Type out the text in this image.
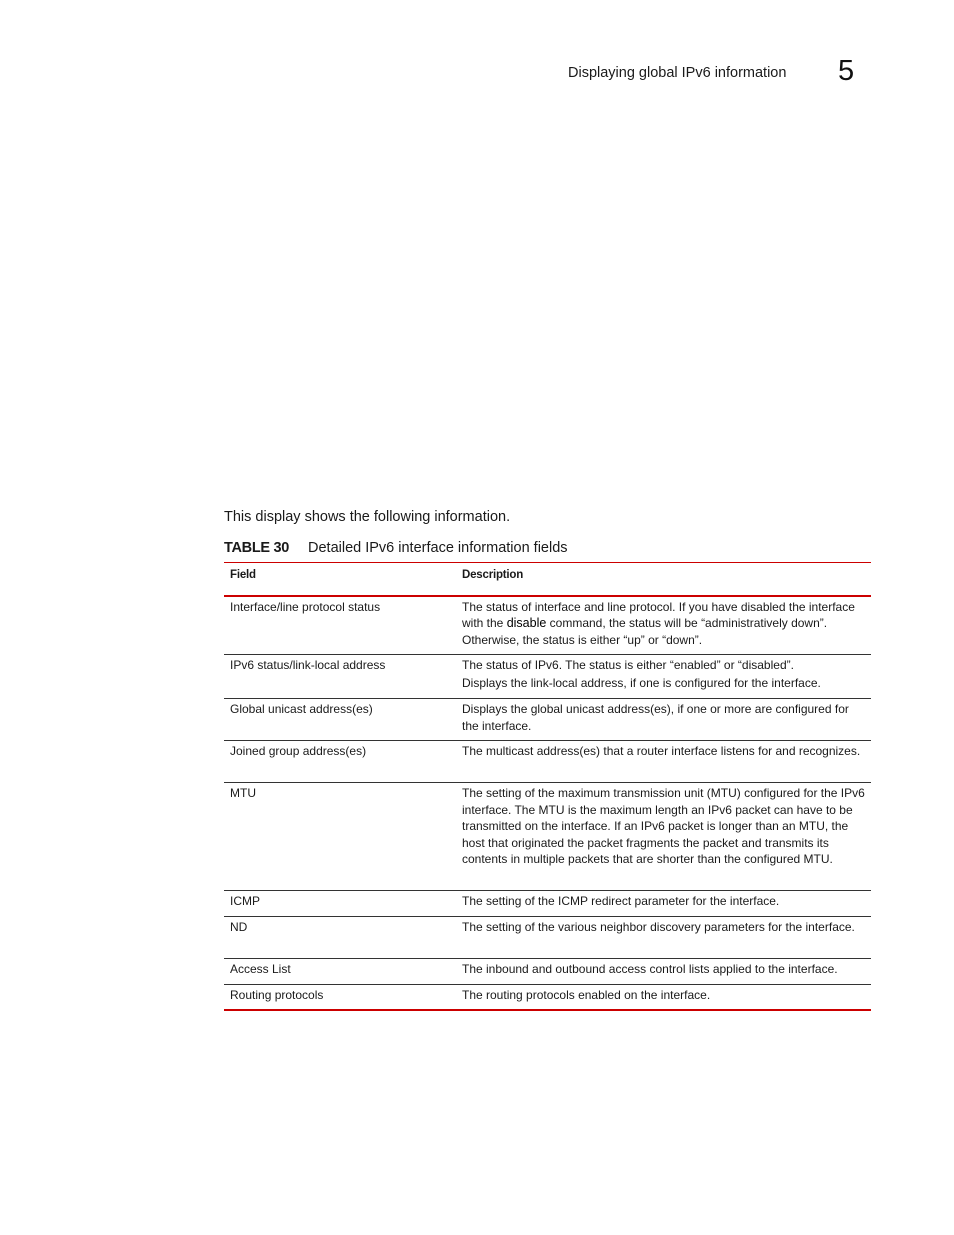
Displaying global IPv6 information 5
This display shows the following information.
TABLE 30	Detailed IPv6 interface information fields
Field	Description
Interface/line protocol status	The status of interface and line protocol. If you have disabled the interface with the disable command, the status will be “administratively down”. Otherwise, the status is either “up” or “down”.
IPv6 status/link-local address	The status of IPv6. The status is either “enabled” or “disabled”.

Displays the link-local address, if one is configured for the interface.

Global unicast address(es)	Displays the global unicast address(es), if one or more are configured for the interface.
Joined group address(es)	The multicast address(es) that a router interface listens for and recognizes.
MTU	The setting of the maximum transmission unit (MTU) configured for the IPv6 interface. The MTU is the maximum length an IPv6 packet can have to be transmitted on the interface. If an IPv6 packet is longer than an MTU, the host that originated the packet fragments the packet and transmits its contents in multiple packets that are shorter than the configured MTU.
ICMP	The setting of the ICMP redirect parameter for the interface.
ND	The setting of the various neighbor discovery parameters for the interface.
Access List	The inbound and outbound access control lists applied to the interface.
Routing protocols	The routing protocols enabled on the interface.
